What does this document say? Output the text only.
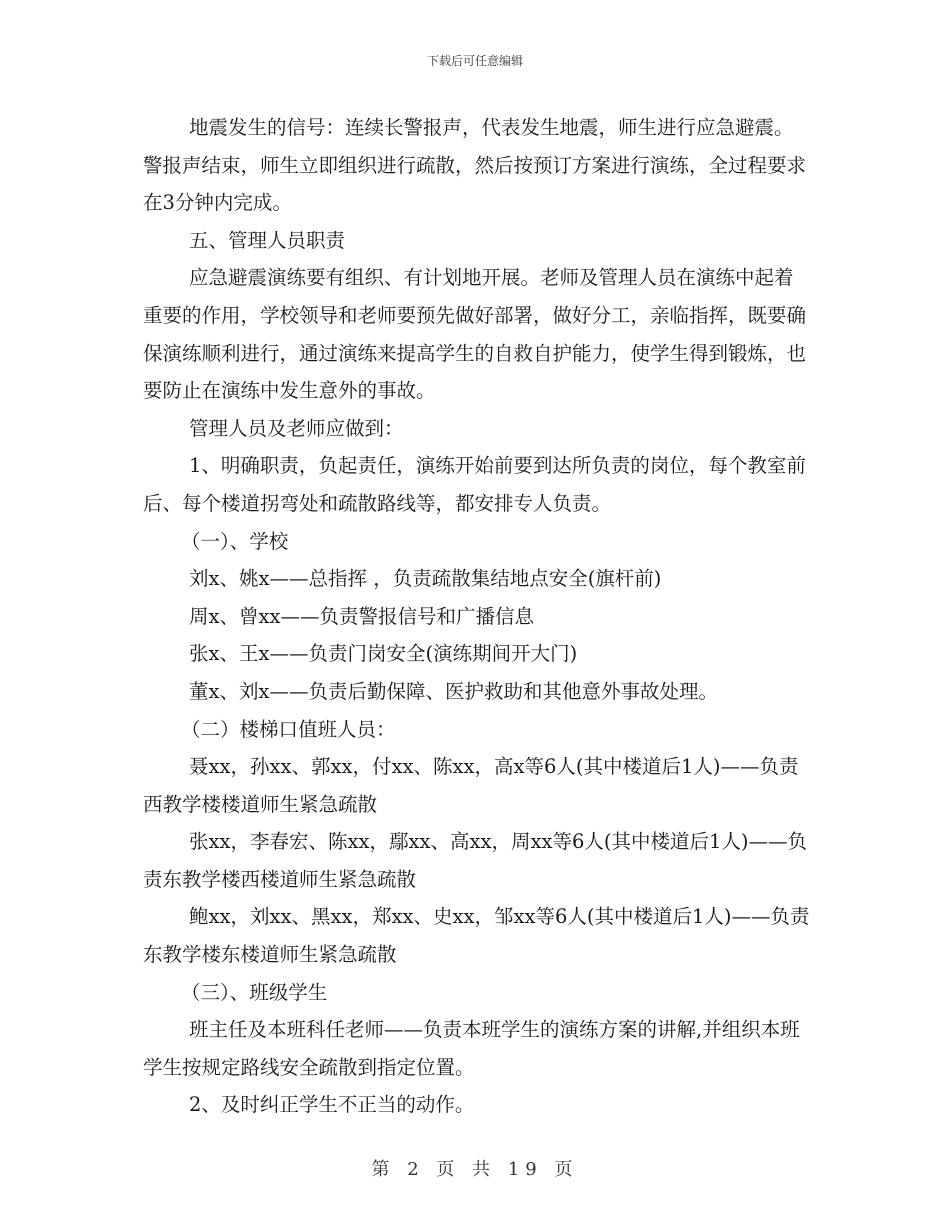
下载后可任意编辑

地震发生的信号：连续长警报声，代表发生地震，师生进行应急避震。警报声结束，师生立即组织进行疏散，然后按预订方案进行演练，全过程要求在3分钟内完成。

五、管理人员职责

应急避震演练要有组织、有计划地开展。老师及管理人员在演练中起着重要的作用，学校领导和老师要预先做好部署，做好分工，亲临指挥，既要确保演练顺利进行，通过演练来提高学生的自救自护能力，使学生得到锻炼，也要防止在演练中发生意外的事故。

管理人员及老师应做到：

1、明确职责，负起责任，演练开始前要到达所负责的岗位，每个教室前后、每个楼道拐弯处和疏散路线等，都安排专人负责。

（一）、学校

刘x、姚x——总指挥 ，负责疏散集结地点安全(旗杆前)

周x、曾xx——负责警报信号和广播信息

张x、王x——负责门岗安全(演练期间开大门)

董x、刘x——负责后勤保障、医护救助和其他意外事故处理。

（二）楼梯口值班人员：

聂xx，孙xx、郭xx，付xx、陈xx，高x等6人(其中楼道后1人)——负责西教学楼楼道师生紧急疏散

张xx，李春宏、陈xx，鄢xx、高xx，周xx等6人(其中楼道后1人)——负责东教学楼西楼道师生紧急疏散

鲍xx，刘xx、黑xx，郑xx、史xx，邹xx等6人(其中楼道后1人)——负责东教学楼东楼道师生紧急疏散

（三）、班级学生

班主任及本班科任老师——负责本班学生的演练方案的讲解,并组织本班学生按规定路线安全疏散到指定位置。

2、及时纠正学生不正当的动作。

第 2 页 共 19 页
